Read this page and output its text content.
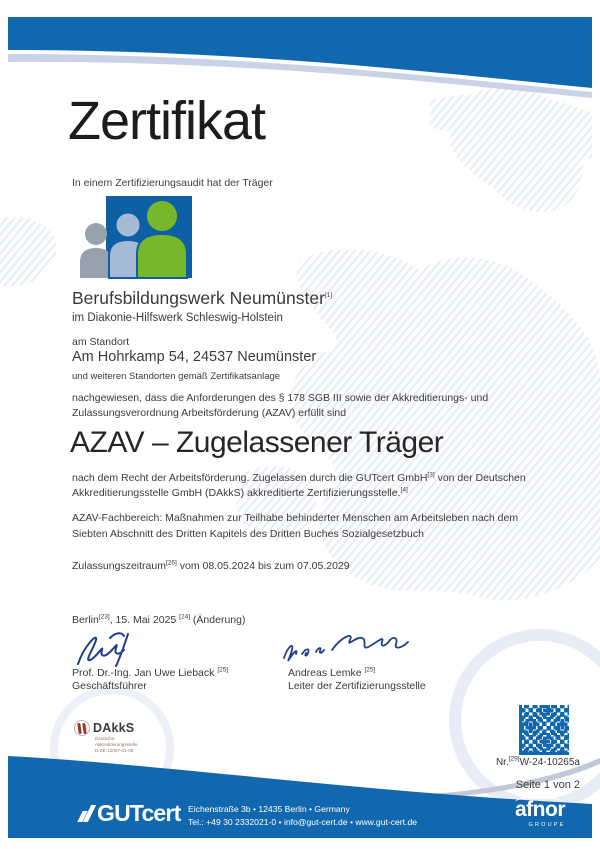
Zertifikat
In einem Zertifizierungsaudit hat der Träger
Berufsbildungswerk Neumünster[1]
im Diakonie-Hilfswerk Schleswig-Holstein
am Standort
Am Hohrkamp 54, 24537 Neumünster
und weiteren Standorten gemäß Zertifikatsanlage
nachgewiesen, dass die Anforderungen des § 178 SGB III sowie der Akkreditierungs- und Zulassungsverordnung Arbeitsförderung (AZAV) erfüllt sind
AZAV – Zugelassener Träger
nach dem Recht der Arbeitsförderung. Zugelassen durch die GUTcert GmbH[3] von der Deutschen Akkreditierungsstelle GmbH (DAkkS) akkreditierte Zertifizierungsstelle.[4]
AZAV-Fachbereich: Maßnahmen zur Teilhabe behinderter Menschen am Arbeitsleben nach dem Siebten Abschnitt des Dritten Kapitels des Dritten Buches Sozialgesetzbuch
Zulassungszeitraum[26] vom 08.05.2024 bis zum 07.05.2029
Berlin[23], 15. Mai 2025 [24] (Änderung)
Prof. Dr.-Ing. Jan Uwe Lieback [25]
Geschäftsführer
Andreas Lemke [25]
Leiter der Zertifizierungsstelle
DAkkS
Deutsche
Akkreditierungsstelle
D-ZE-12007-01-00
Nr.[29]W-24-10265a
Seite 1 von 2
GUTcert Eichenstraße 3b • 12435 Berlin • Germany
Tel.: +49 30 2332021-0 • info@gut-cert.de • www.gut-cert.de
afnor
GROUPE
